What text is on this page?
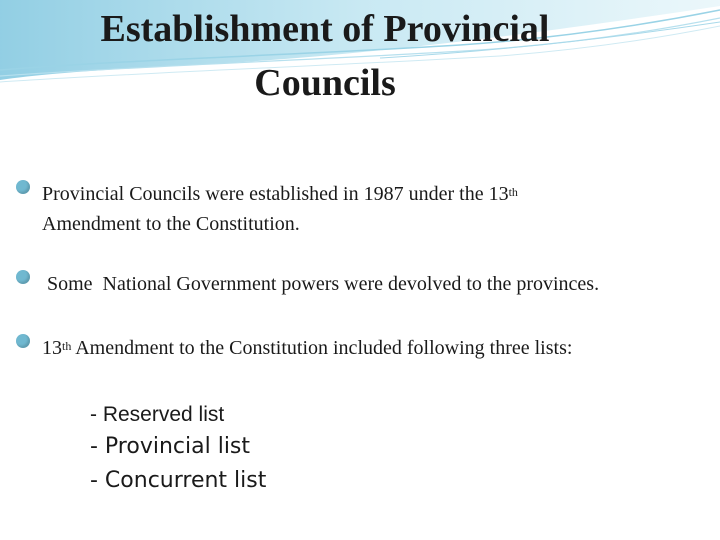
Establishment of Provincial
Councils
Provincial Councils were established in 1987 under the 13th
Amendment to the Constitution.
Some  National Government powers were devolved to the provinces.
13th Amendment to the Constitution included following three lists:
- Reserved list
- Provincial list
- Concurrent list
